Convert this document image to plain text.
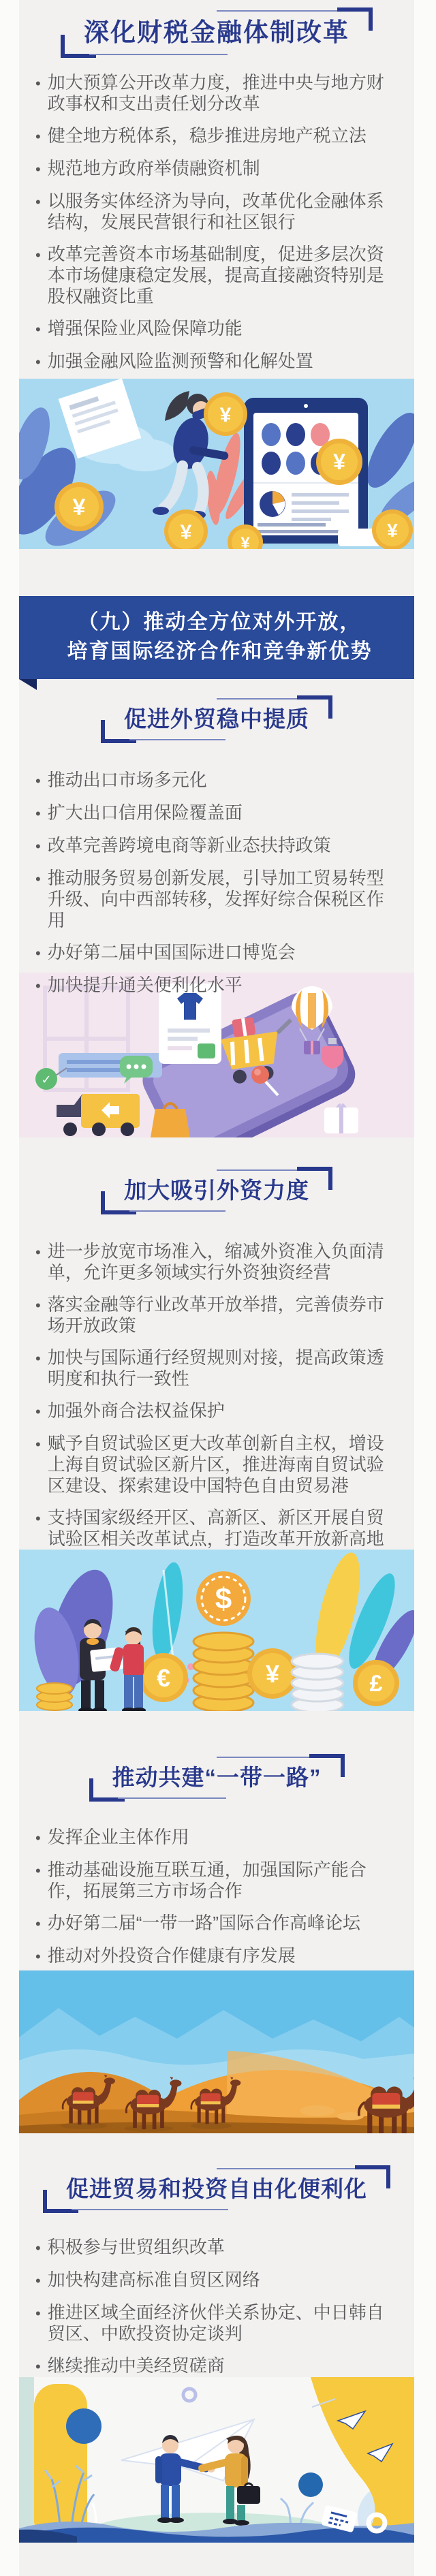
深化财税金融体制改革
• 加大预算公开改革力度，推进中央与地方财政事权和支出责任划分改革
• 健全地方税体系，稳步推进房地产税立法
• 规范地方政府举债融资机制
• 以服务实体经济为导向，改革优化金融体系结构，发展民营银行和社区银行
• 改革完善资本市场基础制度，促进多层次资本市场健康稳定发展，提高直接融资特别是股权融资比重
• 增强保险业风险保障功能
• 加强金融风险监测预警和化解处置
¥
¥
¥
¥
¥
¥
（九）推动全方位对外开放，
培育国际经济合作和竞争新优势
促进外贸稳中提质
• 推动出口市场多元化
• 扩大出口信用保险覆盖面
• 改革完善跨境电商等新业态扶持政策
• 推动服务贸易创新发展，引导加工贸易转型升级、向中西部转移，发挥好综合保税区作用
• 办好第二届中国国际进口博览会
• 加快提升通关便利化水平
✓
加大吸引外资力度
• 进一步放宽市场准入，缩减外资准入负面清单，允许更多领域实行外资独资经营
• 落实金融等行业改革开放举措，完善债券市场开放政策
• 加快与国际通行经贸规则对接，提高政策透明度和执行一致性
• 加强外商合法权益保护
• 赋予自贸试验区更大改革创新自主权，增设上海自贸试验区新片区，推进海南自贸试验区建设、探索建设中国特色自由贸易港
• 支持国家级经开区、高新区、新区开展自贸试验区相关改革试点，打造改革开放新高地
$
€	¥	£
推动共建“一带一路”
• 发挥企业主体作用
• 推动基础设施互联互通，加强国际产能合作，拓展第三方市场合作
• 办好第二届“一带一路”国际合作高峰论坛
• 推动对外投资合作健康有序发展
促进贸易和投资自由化便利化
• 积极参与世贸组织改革
• 加快构建高标准自贸区网络
• 推进区域全面经济伙伴关系协定、中日韩自贸区、中欧投资协定谈判
• 继续推动中美经贸磋商
